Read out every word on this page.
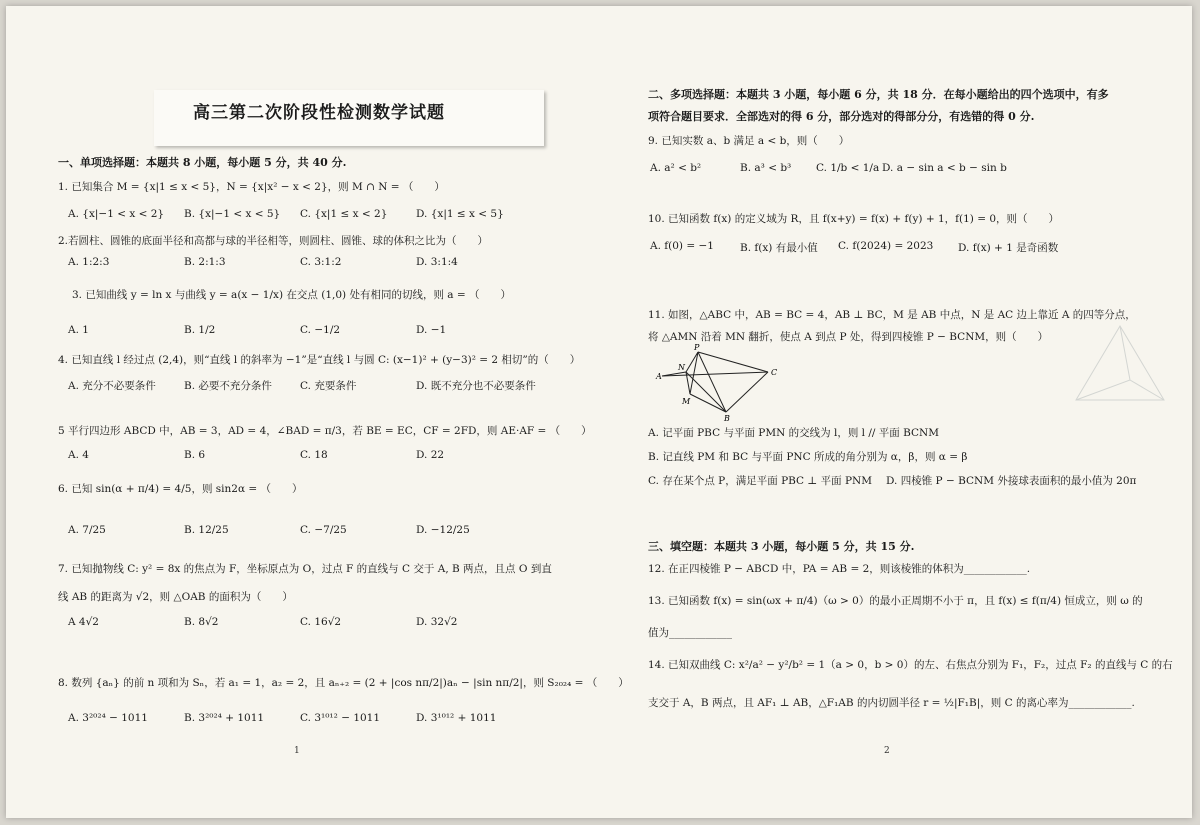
高三第二次阶段性检测数学试题
一、单项选择题：本题共 8 小题，每小题 5 分，共 40 分.
1. 已知集合 M = {x|1 ≤ x < 5}，N = {x|x² − x < 2}，则 M ∩ N = （　　）
A. {x|−1 < x < 2} B. {x|−1 < x < 5} C. {x|1 ≤ x < 2}	D. {x|1 ≤ x < 5}
2.若圆柱、圆锥的底面半径和高都与球的半径相等，则圆柱、圆锥、球的体积之比为（　　）
A. 1:2:3	B. 2:1:3	C. 3:1:2	D. 3:1:4
3. 已知曲线 y = ln x 与曲线 y = a(x − 1/x) 在交点 (1,0) 处有相同的切线，则 a = （　　）
A. 1	B. 1/2	C. −1/2	D. −1
4. 已知直线 l 经过点 (2,4)，则“直线 l 的斜率为 −1”是“直线 l 与圆 C: (x−1)² + (y−3)² = 2 相切”的（　　）
A. 充分不必要条件	B. 必要不充分条件	C. 充要条件	D. 既不充分也不必要条件
5 平行四边形 ABCD 中，AB = 3，AD = 4，∠BAD = π/3，若 BE = EC，CF = 2FD，则 AE·AF = （　　）
A. 4	B. 6	C. 18	D. 22
6. 已知 sin(α + π/4) = 4/5，则 sin2α = （　　）
A. 7/25	B. 12/25	C. −7/25	D. −12/25
7. 已知抛物线 C: y² = 8x 的焦点为 F，坐标原点为 O，过点 F 的直线与 C 交于 A, B 两点，且点 O 到直
线 AB 的距离为 √2，则 △OAB 的面积为（　　）
A 4√2	B. 8√2	C. 16√2	D. 32√2
8. 数列 {aₙ} 的前 n 项和为 Sₙ，若 a₁ = 1，a₂ = 2，且 aₙ₊₂ = (2 + |cos nπ/2|)aₙ − |sin nπ/2|，则 S₂₀₂₄ = （　　）
A. 3²⁰²⁴ − 1011	B. 3²⁰²⁴ + 1011	C. 3¹⁰¹² − 1011	D. 3¹⁰¹² + 1011
1
二、多项选择题：本题共 3 小题，每小题 6 分，共 18 分．在每小题给出的四个选项中，有多
项符合题目要求．全部选对的得 6 分，部分选对的得部分分，有选错的得 0 分.
9. 已知实数 a、b 满足 a < b，则（　　）
A. a² < b²	B. a³ < b³ C. 1/b < 1/a D. a − sin a < b − sin b
10. 已知函数 f(x) 的定义域为 R，且 f(x+y) = f(x) + f(y) + 1，f(1) = 0，则（　　）
A. f(0) = −1 B. f(x) 有最小值 C. f(2024) = 2023 D. f(x) + 1 是奇函数
11. 如图，△ABC 中，AB = BC = 4，AB ⊥ BC，M 是 AB 中点，N 是 AC 边上靠近 A 的四等分点，
将 △AMN 沿着 MN 翻折，使点 A 到点 P 处，得到四棱锥 P − BCNM，则（　　）
P
A
N
M
C
B
A. 记平面 PBC 与平面 PMN 的交线为 l，则 l // 平面 BCNM
B. 记直线 PM 和 BC 与平面 PNC 所成的角分别为 α，β，则 α = β
C. 存在某个点 P，满足平面 PBC ⊥ 平面 PNM D. 四棱锥 P − BCNM 外接球表面积的最小值为 20π
三、填空题：本题共 3 小题，每小题 5 分，共 15 分.
12. 在正四棱锥 P − ABCD 中，PA = AB = 2，则该棱锥的体积为____________.
13. 已知函数 f(x) = sin(ωx + π/4)（ω > 0）的最小正周期不小于 π，且 f(x) ≤ f(π/4) 恒成立，则 ω 的
值为____________
14. 已知双曲线 C: x²/a² − y²/b² = 1（a > 0，b > 0）的左、右焦点分别为 F₁，F₂，过点 F₂ 的直线与 C 的右
支交于 A，B 两点，且 AF₁ ⊥ AB，△F₁AB 的内切圆半径 r = ½|F₁B|，则 C 的离心率为____________.
2
